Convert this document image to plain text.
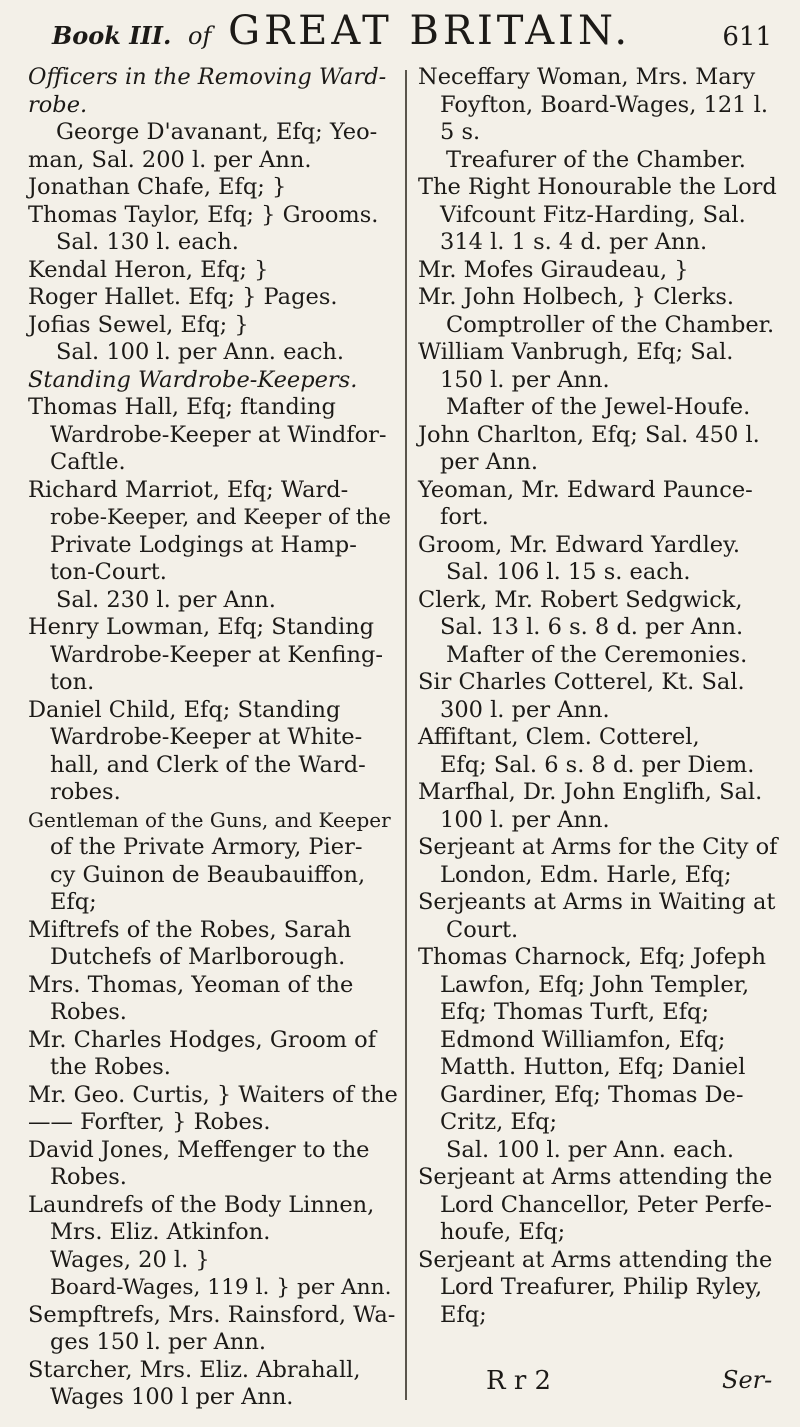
Book III. of GREAT BRITAIN.	611
Officers in the Removing Ward-
robe.
George D'avanant, Efq; Yeo-
man, Sal. 200 l. per Ann.
Jonathan Chafe, Efq; }
Thomas Taylor, Efq; } Grooms.
Sal. 130 l. each.
Kendal Heron, Efq; }
Roger Hallet. Efq; } Pages.
Jofias Sewel, Efq; }
Sal. 100 l. per Ann. each.
Standing Wardrobe-Keepers.
Thomas Hall, Efq; ftanding
Wardrobe-Keeper at Windfor-
Caftle.
Richard Marriot, Efq; Ward-
robe-Keeper, and Keeper of the
Private Lodgings at Hamp-
ton-Court.
Sal. 230 l. per Ann.
Henry Lowman, Efq; Standing
Wardrobe-Keeper at Kenfing-
ton.
Daniel Child, Efq; Standing
Wardrobe-Keeper at White-
hall, and Clerk of the Ward-
robes.
Gentleman of the Guns, and Keeper
of the Private Armory, Pier-
cy Guinon de Beaubauiffon,
Efq;
Miftrefs of the Robes, Sarah
Dutchefs of Marlborough.
Mrs. Thomas, Yeoman of the
Robes.
Mr. Charles Hodges, Groom of
the Robes.
Mr. Geo. Curtis, } Waiters of the
—— Forfter, } Robes.
David Jones, Meffenger to the
Robes.
Laundrefs of the Body Linnen,
Mrs. Eliz. Atkinfon.
Wages, 20 l. }
Board-Wages, 119 l. } per Ann.
Sempftrefs, Mrs. Rainsford, Wa-
ges 150 l. per Ann.
Starcher, Mrs. Eliz. Abrahall,
Wages 100 l per Ann.
Neceffary Woman, Mrs. Mary
Foyfton, Board-Wages, 121 l.
5 s.
Treafurer of the Chamber.
The Right Honourable the Lord
Vifcount Fitz-Harding, Sal.
314 l. 1 s. 4 d. per Ann.
Mr. Mofes Giraudeau, }
Mr. John Holbech, } Clerks.
Comptroller of the Chamber.
William Vanbrugh, Efq; Sal.
150 l. per Ann.
Mafter of the Jewel-Houfe.
John Charlton, Efq; Sal. 450 l.
per Ann.
Yeoman, Mr. Edward Paunce-
fort.
Groom, Mr. Edward Yardley.
Sal. 106 l. 15 s. each.
Clerk, Mr. Robert Sedgwick,
Sal. 13 l. 6 s. 8 d. per Ann.
Mafter of the Ceremonies.
Sir Charles Cotterel, Kt. Sal.
300 l. per Ann.
Affiftant, Clem. Cotterel,
Efq; Sal. 6 s. 8 d. per Diem.
Marfhal, Dr. John Englifh, Sal.
100 l. per Ann.
Serjeant at Arms for the City of
London, Edm. Harle, Efq;
Serjeants at Arms in Waiting at
Court.
Thomas Charnock, Efq; Jofeph
Lawfon, Efq; John Templer,
Efq; Thomas Turft, Efq;
Edmond Williamfon, Efq;
Matth. Hutton, Efq; Daniel
Gardiner, Efq; Thomas De-
Critz, Efq;
Sal. 100 l. per Ann. each.
Serjeant at Arms attending the
Lord Chancellor, Peter Perfe-
houfe, Efq;
Serjeant at Arms attending the
Lord Treafurer, Philip Ryley,
Efq;
R r 2	Ser-
